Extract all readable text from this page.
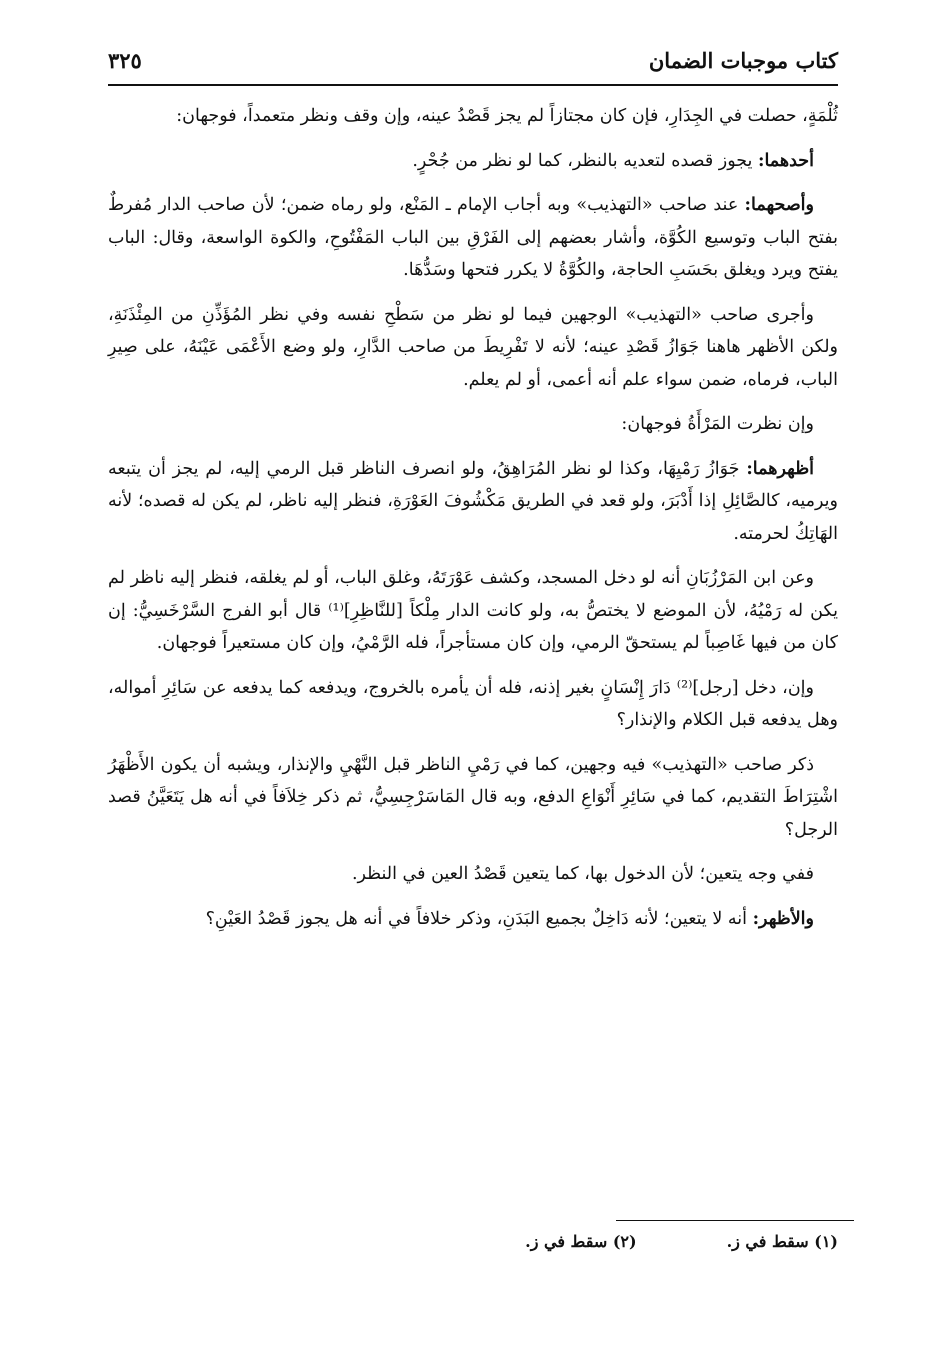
كتاب موجبات الضمان
٣٢٥

ثُلْمَةٍ، حصلت في الجِدَارِ، فإن كان مجتازاً لم يجز قَصْدُ عينه، وإن وقف ونظر متعمداً، فوجهان:

أحدهما: يجوز قصده لتعديه بالنظر، كما لو نظر من جُحْرٍ.

وأصحهما: عند صاحب «التهذيب» وبه أجاب الإمام ـ المَنْع، ولو رماه ضمن؛ لأن صاحب الدار مُفرطٌ بفتح الباب وتوسيع الكُوَّة، وأشار بعضهم إلى الفَرْقِ بين الباب المَفْتُوحِ، والكوة الواسعة، وقال: الباب يفتح ويرد ويغلق بحَسَبِ الحاجة، والكُوَّةُ لا يكرر فتحها وسَدُّهَا.

وأجرى صاحب «التهذيب» الوجهين فيما لو نظر من سَطْحِ نفسه وفي نظر المُؤَذِّنِ من المِئْذَنَةِ، ولكن الأظهر هاهنا جَوَازُ قَصْدِ عينه؛ لأنه لا تَفْرِيطَ من صاحب الدَّارِ، ولو وضع الأَعْمَى عَيْنَهُ، على صِيرِ الباب، فرماه، ضمن سواء علم أنه أعمى، أو لم يعلم.

وإن نظرت المَرْأَةُ فوجهان:

أظهرهما: جَوَازُ رَمْيِهَا، وكذا لو نظر المُرَاهِقُ، ولو انصرف الناظر قبل الرمي إليه، لم يجز أن يتبعه ويرميه، كالصَّائِلِ إذا أَدْبَرَ، ولو قعد في الطريق مَكْشُوفَ العَوْرَةِ، فنظر إليه ناظر، لم يكن له قصده؛ لأنه الهَاتِكُ لحرمته.

وعن ابن المَرْزُبَانِ أنه لو دخل المسجد، وكشف عَوْرَتَهُ، وغلق الباب، أو لم يغلقه، فنظر إليه ناظر لم يكن له رَمْيُهُ، لأن الموضع لا يختصُّ به، ولو كانت الدار مِلْكاً [للنَّاظِرِ]⁽¹⁾ قال أبو الفرج السَّرْخَسِيُّ: إن كان من فيها غَاصِباً لم يستحقّ الرمي، وإن كان مستأجراً، فله الرَّمْيُ، وإن كان مستعيراً فوجهان.

وإن، دخل [رجل]⁽²⁾ دَارَ إِنْسَانٍ بغير إذنه، فله أن يأمره بالخروج، ويدفعه كما يدفعه عن سَائِرِ أمواله، وهل يدفعه قبل الكلام والإنذار؟

ذكر صاحب «التهذيب» فيه وجهين، كما في رَمْيِ الناظر قبل النَّهْيِ والإنذار، ويشبه أن يكون الأَظْهَرُ اشْتِرَاطَ التقديم، كما في سَائِرِ أَنْوَاعِ الدفع، وبه قال المَاسَرْجِسِيُّ، ثم ذكر خِلاَفاً في أنه هل يَتَعَيَّنُ قصد الرجل؟

ففي وجه يتعين؛ لأن الدخول بها، كما يتعين قَصْدُ العين في النظر.

والأظهر: أنه لا يتعين؛ لأنه دَاخِلٌ بجميع البَدَنِ، وذكر خلافاً في أنه هل يجوز قَصْدُ العَيْنِ؟

(١) سقط في ز.
(٢) سقط في ز.
